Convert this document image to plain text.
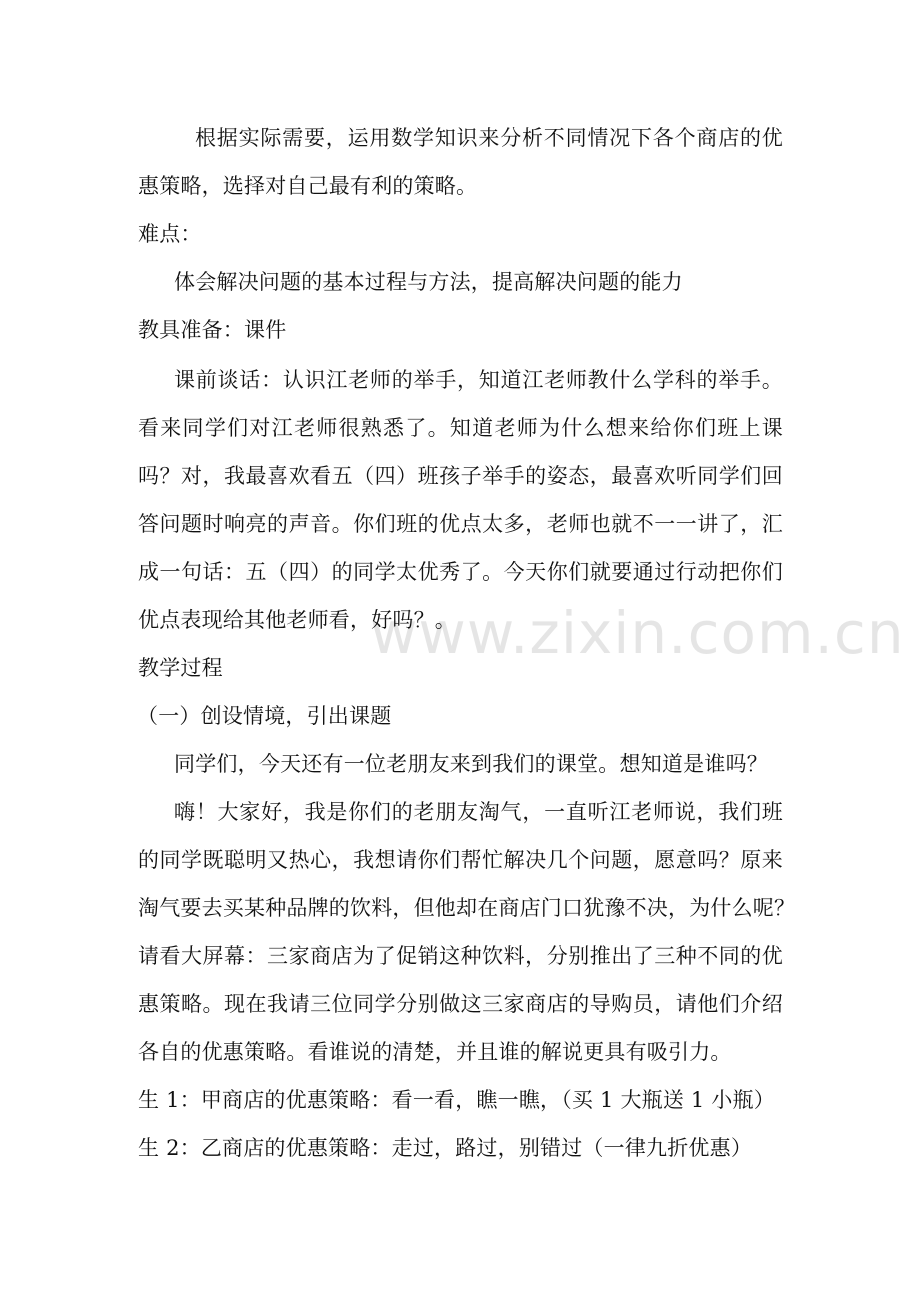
根据实际需要，运用数学知识来分析不同情况下各个商店的优
惠策略，选择对自己最有利的策略。
难点：
体会解决问题的基本过程与方法，提高解决问题的能力
教具准备：课件
课前谈话：认识江老师的举手，知道江老师教什么学科的举手。
看来同学们对江老师很熟悉了。知道老师为什么想来给你们班上课
吗？对，我最喜欢看五（四）班孩子举手的姿态，最喜欢听同学们回
答问题时响亮的声音。你们班的优点太多，老师也就不一一讲了，汇
成一句话：五（四）的同学太优秀了。今天你们就要通过行动把你们
优点表现给其他老师看，好吗？。
教学过程
（一）创设情境，引出课题
同学们，今天还有一位老朋友来到我们的课堂。想知道是谁吗？
嗨！大家好，我是你们的老朋友淘气，一直听江老师说，我们班
的同学既聪明又热心，我想请你们帮忙解决几个问题，愿意吗？原来
淘气要去买某种品牌的饮料，但他却在商店门口犹豫不决，为什么呢？
请看大屏幕：三家商店为了促销这种饮料，分别推出了三种不同的优
惠策略。现在我请三位同学分别做这三家商店的导购员，请他们介绍
各自的优惠策略。看谁说的清楚，并且谁的解说更具有吸引力。
生 1：甲商店的优惠策略：看一看，瞧一瞧，（买 1 大瓶送 1 小瓶）
生 2：乙商店的优惠策略：走过，路过，别错过（一律九折优惠）
www.zixin.com.cn
